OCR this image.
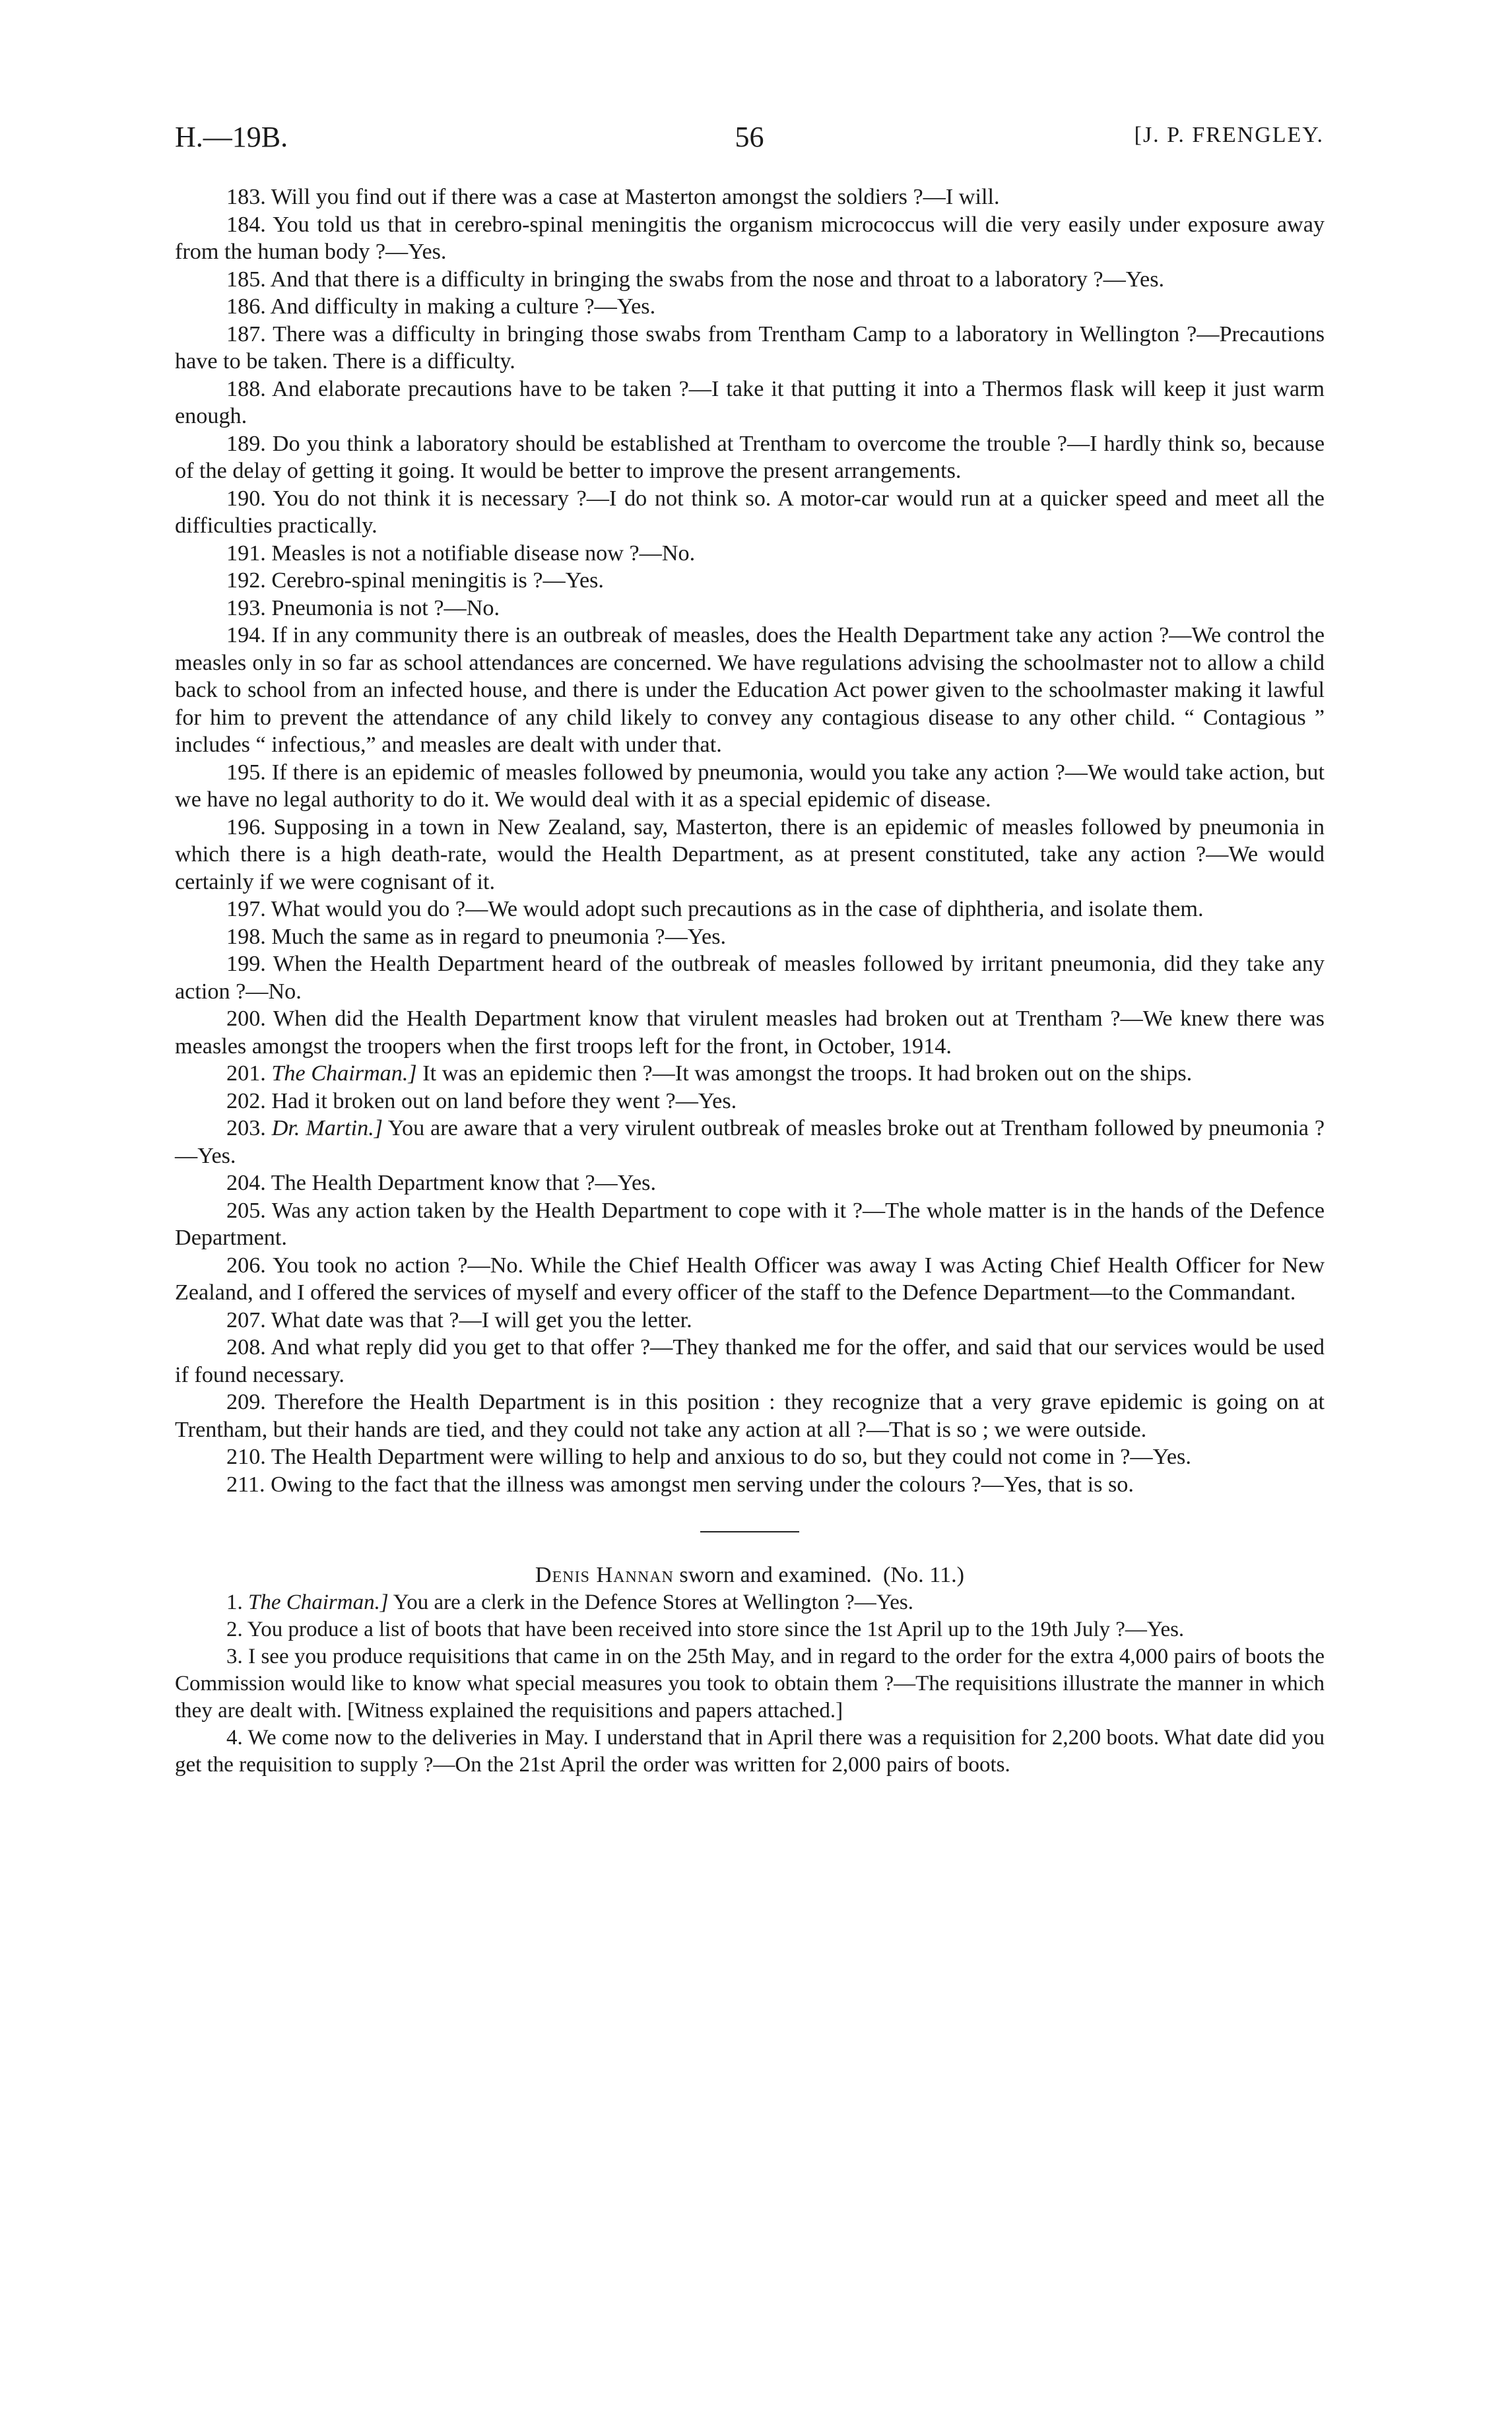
H.—19B.	56	[J. P. FRENGLEY.

183. Will you find out if there was a case at Masterton amongst the soldiers ?—I will.

184. You told us that in cerebro-spinal meningitis the organism micrococcus will die very easily under exposure away from the human body ?—Yes.

185. And that there is a difficulty in bringing the swabs from the nose and throat to a laboratory ?—Yes.

186. And difficulty in making a culture ?—Yes.

187. There was a difficulty in bringing those swabs from Trentham Camp to a laboratory in Wellington ?—Precautions have to be taken. There is a difficulty.

188. And elaborate precautions have to be taken ?—I take it that putting it into a Thermos flask will keep it just warm enough.

189. Do you think a laboratory should be established at Trentham to overcome the trouble ?—I hardly think so, because of the delay of getting it going. It would be better to improve the present arrangements.

190. You do not think it is necessary ?—I do not think so. A motor-car would run at a quicker speed and meet all the difficulties practically.

191. Measles is not a notifiable disease now ?—No.

192. Cerebro-spinal meningitis is ?—Yes.

193. Pneumonia is not ?—No.

194. If in any community there is an outbreak of measles, does the Health Department take any action ?—We control the measles only in so far as school attendances are concerned. We have regulations advising the schoolmaster not to allow a child back to school from an infected house, and there is under the Education Act power given to the schoolmaster making it lawful for him to prevent the attendance of any child likely to convey any contagious disease to any other child. “ Contagious ” includes “ infectious,” and measles are dealt with under that.

195. If there is an epidemic of measles followed by pneumonia, would you take any action ?—We would take action, but we have no legal authority to do it. We would deal with it as a special epidemic of disease.

196. Supposing in a town in New Zealand, say, Masterton, there is an epidemic of measles followed by pneumonia in which there is a high death-rate, would the Health Department, as at present constituted, take any action ?—We would certainly if we were cognisant of it.

197. What would you do ?—We would adopt such precautions as in the case of diphtheria, and isolate them.

198. Much the same as in regard to pneumonia ?—Yes.

199. When the Health Department heard of the outbreak of measles followed by irritant pneumonia, did they take any action ?—No.

200. When did the Health Department know that virulent measles had broken out at Trentham ?—We knew there was measles amongst the troopers when the first troops left for the front, in October, 1914.

201. The Chairman.] It was an epidemic then ?—It was amongst the troops. It had broken out on the ships.

202. Had it broken out on land before they went ?—Yes.

203. Dr. Martin.] You are aware that a very virulent outbreak of measles broke out at Trentham followed by pneumonia ?—Yes.

204. The Health Department know that ?—Yes.

205. Was any action taken by the Health Department to cope with it ?—The whole matter is in the hands of the Defence Department.

206. You took no action ?—No. While the Chief Health Officer was away I was Acting Chief Health Officer for New Zealand, and I offered the services of myself and every officer of the staff to the Defence Department—to the Commandant.

207. What date was that ?—I will get you the letter.

208. And what reply did you get to that offer ?—They thanked me for the offer, and said that our services would be used if found necessary.

209. Therefore the Health Department is in this position : they recognize that a very grave epidemic is going on at Trentham, but their hands are tied, and they could not take any action at all ?—That is so ; we were outside.

210. The Health Department were willing to help and anxious to do so, but they could not come in ?—Yes.

211. Owing to the fact that the illness was amongst men serving under the colours ?—Yes, that is so.

Denis Hannan sworn and examined. (No. 11.)

1. The Chairman.] You are a clerk in the Defence Stores at Wellington ?—Yes.

2. You produce a list of boots that have been received into store since the 1st April up to the 19th July ?—Yes.

3. I see you produce requisitions that came in on the 25th May, and in regard to the order for the extra 4,000 pairs of boots the Commission would like to know what special measures you took to obtain them ?—The requisitions illustrate the manner in which they are dealt with. [Witness explained the requisitions and papers attached.]

4. We come now to the deliveries in May. I understand that in April there was a requisition for 2,200 boots. What date did you get the requisition to supply ?—On the 21st April the order was written for 2,000 pairs of boots.
